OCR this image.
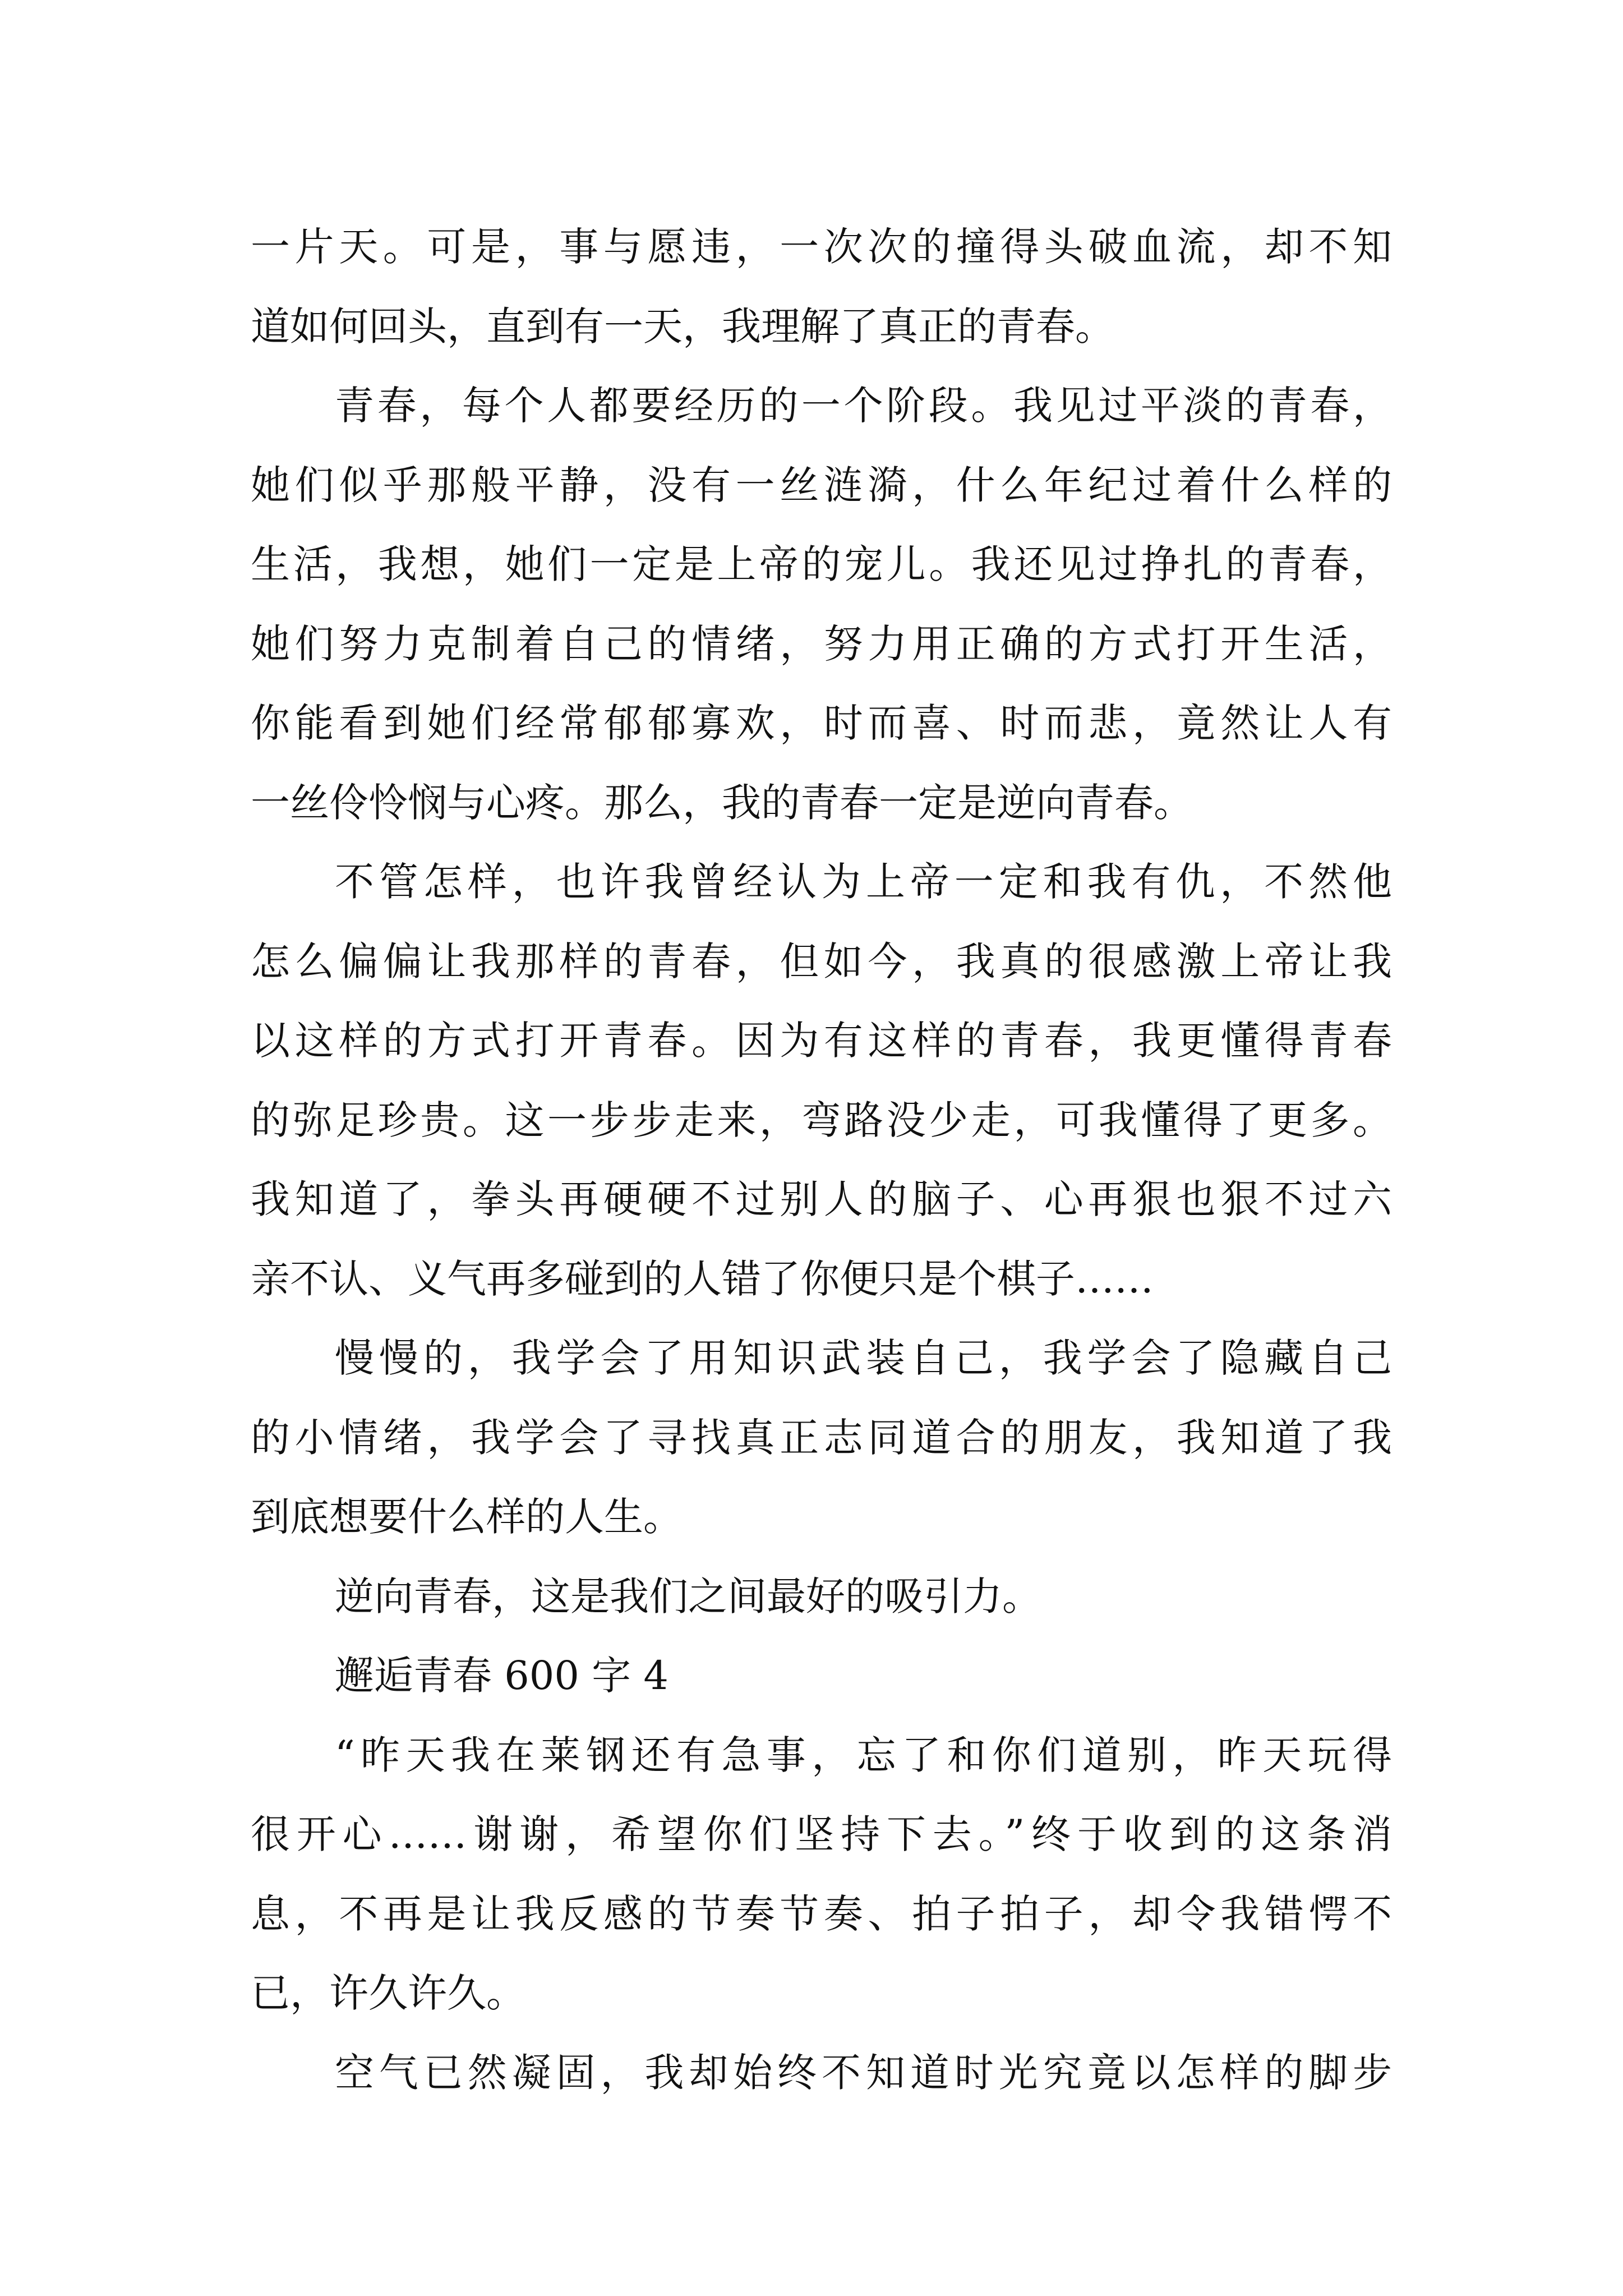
一片天。可是，事与愿违，一次次的撞得头破血流，却不知
道如何回头，直到有一天，我理解了真正的青春。
青春，每个人都要经历的一个阶段。我见过平淡的青春，
她们似乎那般平静，没有一丝涟漪，什么年纪过着什么样的
生活，我想，她们一定是上帝的宠儿。我还见过挣扎的青春，
她们努力克制着自己的情绪，努力用正确的方式打开生活，
你能看到她们经常郁郁寡欢，时而喜、时而悲，竟然让人有
一丝伶怜悯与心疼。那么，我的青春一定是逆向青春。
不管怎样，也许我曾经认为上帝一定和我有仇，不然他
怎么偏偏让我那样的青春，但如今，我真的很感激上帝让我
以这样的方式打开青春。因为有这样的青春，我更懂得青春
的弥足珍贵。这一步步走来，弯路没少走，可我懂得了更多。
我知道了，拳头再硬硬不过别人的脑子、心再狠也狠不过六
亲不认、义气再多碰到的人错了你便只是个棋子……
慢慢的，我学会了用知识武装自己，我学会了隐藏自己
的小情绪，我学会了寻找真正志同道合的朋友，我知道了我
到底想要什么样的人生。
逆向青春，这是我们之间最好的吸引力。
邂逅青春 600 字 4
“昨天我在莱钢还有急事，忘了和你们道别，昨天玩得
很开心……谢谢，希望你们坚持下去。”终于收到的这条消
息，不再是让我反感的节奏节奏、拍子拍子，却令我错愕不
已，许久许久。
空气已然凝固，我却始终不知道时光究竟以怎样的脚步
